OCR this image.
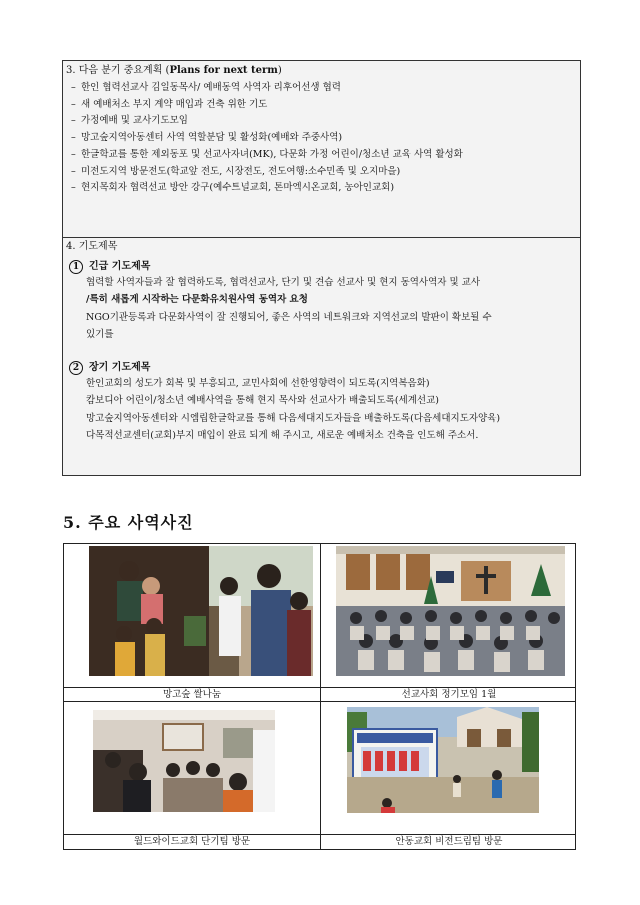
3. 다음 분기 중요계획 (Plans for next term)
– 한인 협력선교사 김일동목사/ 예배동역 사역자 리후어선생 협력
– 새 예배처소 부지 계약 매입과 건축 위한 기도
– 가정예배 및 교사기도모임
– 망고숲지역아동센터 사역 역할분담 및 활성화(예배와 주중사역)
– 한글학교를 통한 제외동포 및 선교사자녀(MK), 다문화 가정 어린이/청소년 교육 사역 활성화
– 미전도지역 방문전도(학교앞 전도, 시장전도, 전도여행:소수민족 및 오지마을)
– 현지목회자 협력선교 방안 강구(예수트널교회, 톤마엑시온교회, 농아인교회)
4. 기도제목
1 긴급 기도제목

협력할 사역자들과 잘 협력하도록, 협력선교사, 단기 및 견습 선교사 및 현지 동역사역자 및 교사

/특히 새롭게 시작하는 다문화유치원사역 동역자 요청

NGO기관등록과 다문화사역이 잘 진행되어, 좋은 사역의 네트워크와 지역선교의 발판이 확보될 수

있기를

2 장기 기도제목

한인교회의 성도가 회복 및 부흥되고, 교민사회에 선한영향력이 되도록(지역복음화)

캄보디아 어린이/청소년 예배사역을 통해 현지 목사와 선교사가 배출되도록(세계선교)

망고숲지역아동센터와 시엠립한글학교를 통해 다음세대지도자들을 배출하도록(다음세대지도자양육)

다목적선교센터(교회)부지 매입이 완료 되게 해 주시고, 새로운 예배처소 건축을 인도해 주소서.

5. 주요 사역사진
망고숲 쌀나눔	선교사회 정기모임 1월
월드와이드교회 단기팀 방문	안동교회 비전드림팀 방문
